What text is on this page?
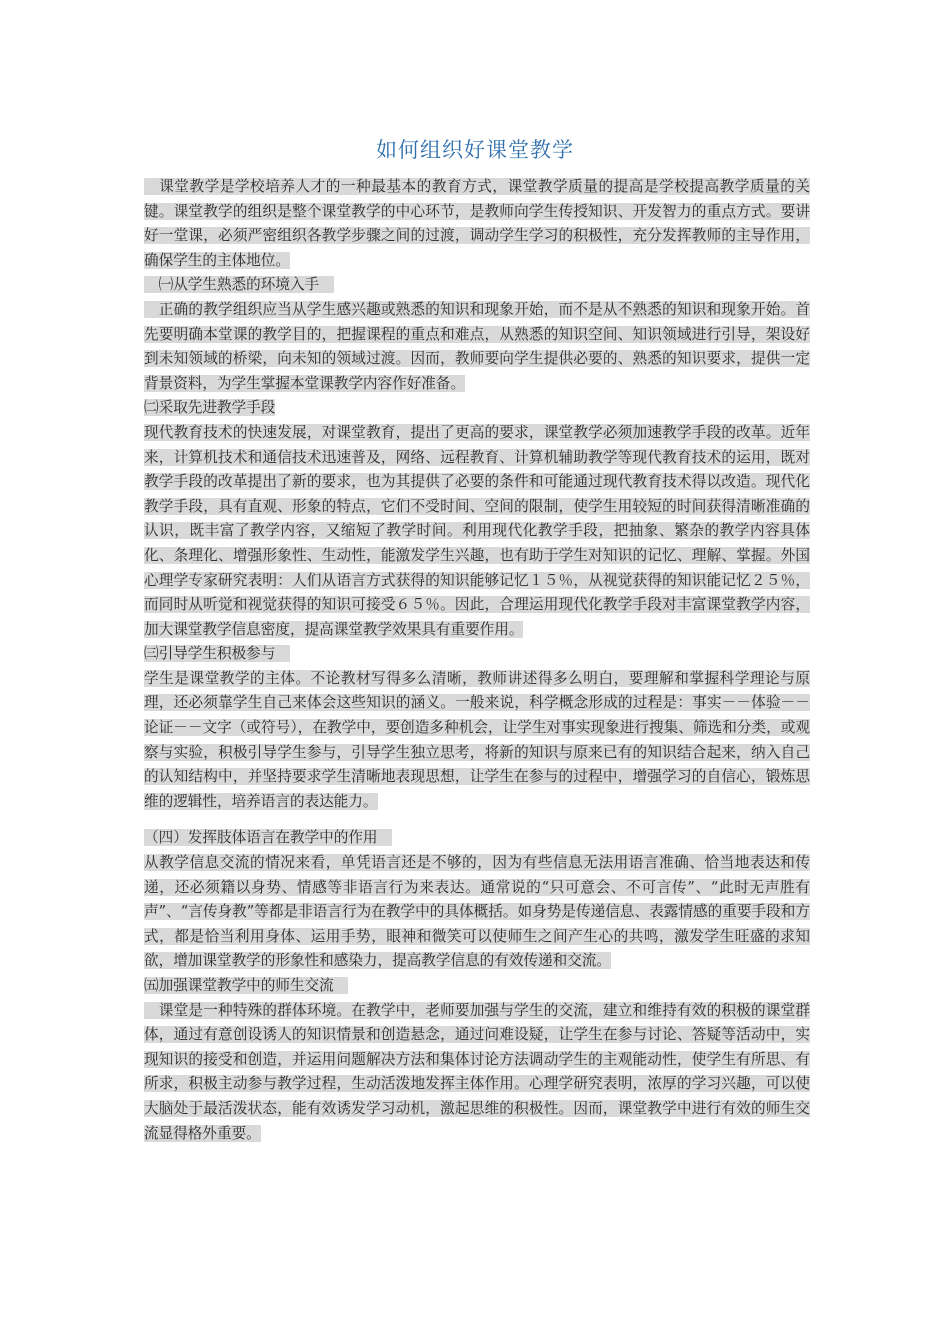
如何组织好课堂教学

　课堂教学是学校培养人才的一种最基本的教育方式，课堂教学质量的提高是学校提高教学质量的关键。课堂教学的组织是整个课堂教学的中心环节，是教师向学生传授知识、开发智力的重点方式。要讲好一堂课，必须严密组织各教学步骤之间的过渡，调动学生学习的积极性，充分发挥教师的主导作用，确保学生的主体地位。

　㈠从学生熟悉的环境入手　

　正确的教学组织应当从学生感兴趣或熟悉的知识和现象开始，而不是从不熟悉的知识和现象开始。首先要明确本堂课的教学目的，把握课程的重点和难点，从熟悉的知识空间、知识领域进行引导，架设好到未知领域的桥梁，向未知的领域过渡。因而，教师要向学生提供必要的、熟悉的知识要求，提供一定背景资料，为学生掌握本堂课教学内容作好准备。

㈡采取先进教学手段

现代教育技术的快速发展，对课堂教育，提出了更高的要求，课堂教学必须加速教学手段的改革。近年来，计算机技术和通信技术迅速普及，网络、远程教育、计算机辅助教学等现代教育技术的运用，既对教学手段的改革提出了新的要求，也为其提供了必要的条件和可能通过现代教育技术得以改造。现代化教学手段，具有直观、形象的特点，它们不受时间、空间的限制，使学生用较短的时间获得清晰准确的认识，既丰富了教学内容，又缩短了教学时间。利用现代化教学手段，把抽象、繁杂的教学内容具体化、条理化、增强形象性、生动性，能激发学生兴趣，也有助于学生对知识的记忆、理解、掌握。外国心理学专家研究表明：人们从语言方式获得的知识能够记忆１５％，从视觉获得的知识能记忆２５％，而同时从听觉和视觉获得的知识可接受６５％。因此，合理运用现代化教学手段对丰富课堂教学内容，加大课堂教学信息密度，提高课堂教学效果具有重要作用。

㈢引导学生积极参与　

学生是课堂教学的主体。不论教材写得多么清晰，教师讲述得多么明白，要理解和掌握科学理论与原理，还必须靠学生自己来体会这些知识的涵义。一般来说，科学概念形成的过程是：事实－－体验－－论证－－文字（或符号），在教学中，要创造多种机会，让学生对事实现象进行搜集、筛选和分类，或观察与实验，积极引导学生参与，引导学生独立思考，将新的知识与原来已有的知识结合起来，纳入自己的认知结构中，并坚持要求学生清晰地表现思想，让学生在参与的过程中，增强学习的自信心，锻炼思维的逻辑性，培养语言的表达能力。

（四）发挥肢体语言在教学中的作用　

从教学信息交流的情况来看，单凭语言还是不够的，因为有些信息无法用语言准确、恰当地表达和传递，还必须籍以身势、情感等非语言行为来表达。通常说的“只可意会、不可言传”、“此时无声胜有声”、“言传身教”等都是非语言行为在教学中的具体概括。如身势是传递信息、表露情感的重要手段和方式，都是恰当利用身体、运用手势，眼神和微笑可以使师生之间产生心的共鸣，激发学生旺盛的求知欲，增加课堂教学的形象性和感染力，提高教学信息的有效传递和交流。

㈤加强课堂教学中的师生交流　

　课堂是一种特殊的群体环境。在教学中，老师要加强与学生的交流，建立和维持有效的积极的课堂群体，通过有意创设诱人的知识情景和创造悬念，通过问难设疑，让学生在参与讨论、答疑等活动中，实现知识的接受和创造，并运用问题解决方法和集体讨论方法调动学生的主观能动性，使学生有所思、有所求，积极主动参与教学过程，生动活泼地发挥主体作用。心理学研究表明，浓厚的学习兴趣，可以使大脑处于最活泼状态，能有效诱发学习动机，激起思维的积极性。因而，课堂教学中进行有效的师生交流显得格外重要。
